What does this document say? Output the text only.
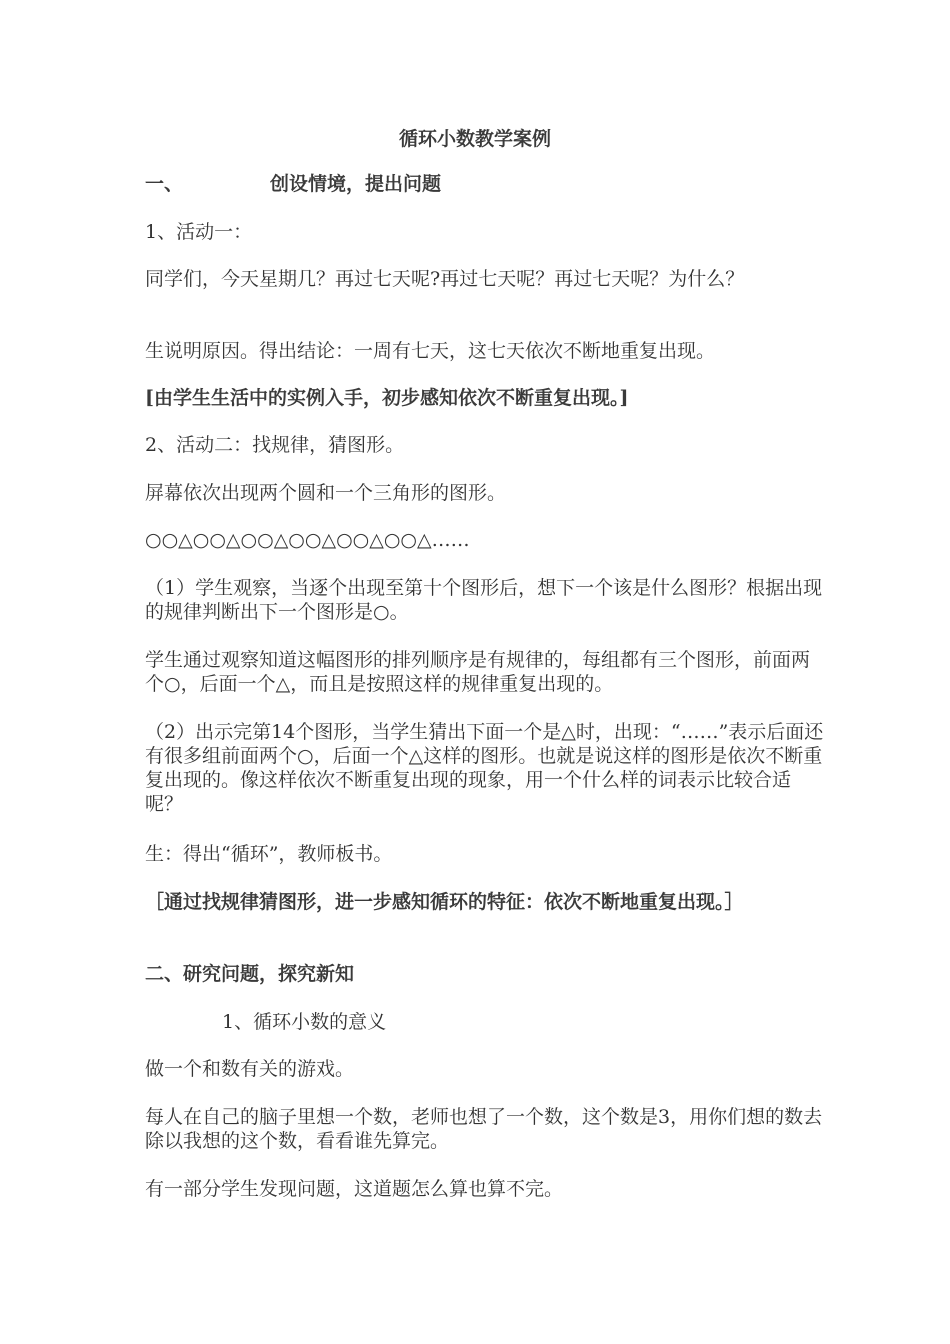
循环小数教学案例
一、	创设情境，提出问题

1、活动一：

同学们，今天星期几？再过七天呢?再过七天呢？再过七天呢？为什么？

生说明原因。得出结论：一周有七天，这七天依次不断地重复出现。

[由学生生活中的实例入手，初步感知依次不断重复出现。]

2、活动二：找规律，猜图形。

屏幕依次出现两个圆和一个三角形的图形。

○○△○○△○○△○○△○○△○○△……

（1）学生观察，当逐个出现至第十个图形后，想下一个该是什么图形？根据出现的规律判断出下一个图形是○。

学生通过观察知道这幅图形的排列顺序是有规律的，每组都有三个图形，前面两个○，后面一个△，而且是按照这样的规律重复出现的。

（2）出示完第14个图形，当学生猜出下面一个是△时，出现：“……”表示后面还有很多组前面两个○，后面一个△这样的图形。也就是说这样的图形是依次不断重复出现的。像这样依次不断重复出现的现象，用一个什么样的词表示比较合适呢？

生：得出“循环”，教师板书。

［通过找规律猜图形，进一步感知循环的特征：依次不断地重复出现。］

二、研究问题，探究新知

1、循环小数的意义

做一个和数有关的游戏。

每人在自己的脑子里想一个数，老师也想了一个数，这个数是3，用你们想的数去除以我想的这个数，看看谁先算完。

有一部分学生发现问题，这道题怎么算也算不完。
